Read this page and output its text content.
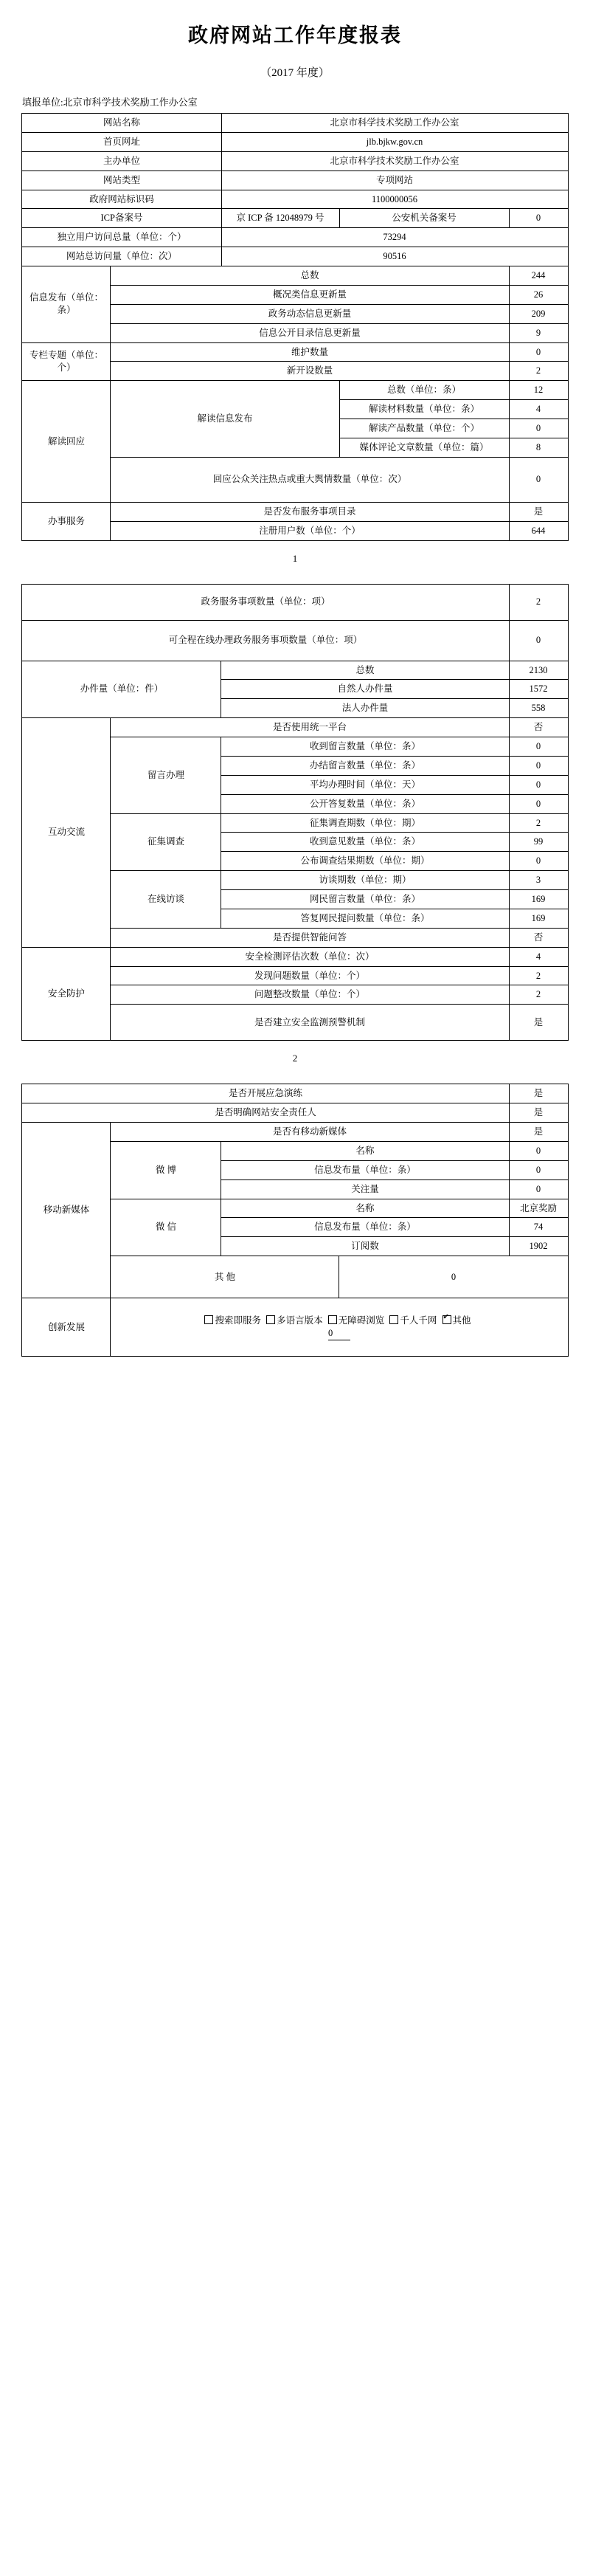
政府网站工作年度报表
（2017 年度）
填报单位:北京市科学技术奖励工作办公室
网站名称		北京市科学技术奖励工作办公室		
首页网址		jlb.bjkw.gov.cn		
主办单位		北京市科学技术奖励工作办公室		
网站类型		专项网站		
政府网站标识码		1100000056		
ICP备案号		京 ICP 备 12048979 号	公安机关备案号	0
独立用户访问总量（单位：个）		73294		
网站总访问量（单位：次）		90516		
信息发布（单位：条）	总数			244
	概况类信息更新量			26
	政务动态信息更新量			209
	信息公开目录信息更新量			9
专栏专题（单位：个）	维护数量			0
	新开设数量			2
解读回应	解读信息发布		总数（单位：条）	12
			解读材料数量（单位：条）	4
			解读产品数量（单位：个）	0
			媒体评论文章数量（单位：篇）	8
	回应公众关注热点或重大舆情数量（单位：次）			0
办事服务	是否发布服务事项目录			是
	注册用户数（单位：个）			644
1
政务服务事项数量（单位：项）			2
可全程在线办理政务服务事项数量（单位：项）			0
办件量（单位：件）		总数	2130
		自然人办件量	1572
		法人办件量	558
互动交流	是否使用统一平台		否
	留言办理	收到留言数量（单位：条）	0
		办结留言数量（单位：条）	0
		平均办理时间（单位：天）	0
		公开答复数量（单位：条）	0
	征集调查	征集调查期数（单位：期）	2
		收到意见数量（单位：条）	99
		公布调查结果期数（单位：期）	0
	在线访谈	访谈期数（单位：期）	3
		网民留言数量（单位：条）	169
		答复网民提问数量（单位：条）	169
	是否提供智能问答		否
安全防护	安全检测评估次数（单位：次）		4
	发现问题数量（单位：个）		2
	问题整改数量（单位：个）		2
	是否建立安全监测预警机制		是
2
是否开展应急演练				是
是否明确网站安全责任人				是
移动新媒体	是否有移动新媒体			是
	微 博	名称		0
		信息发布量（单位：条）		0
		关注量		0
	微 信	名称		北京奖励
		信息发布量（单位：条）		74
		订阅数		1902
	其 他		0	
创新发展	搜索即服务 多语言版本 无障碍浏览 千人千网 ✔ 其他
0
